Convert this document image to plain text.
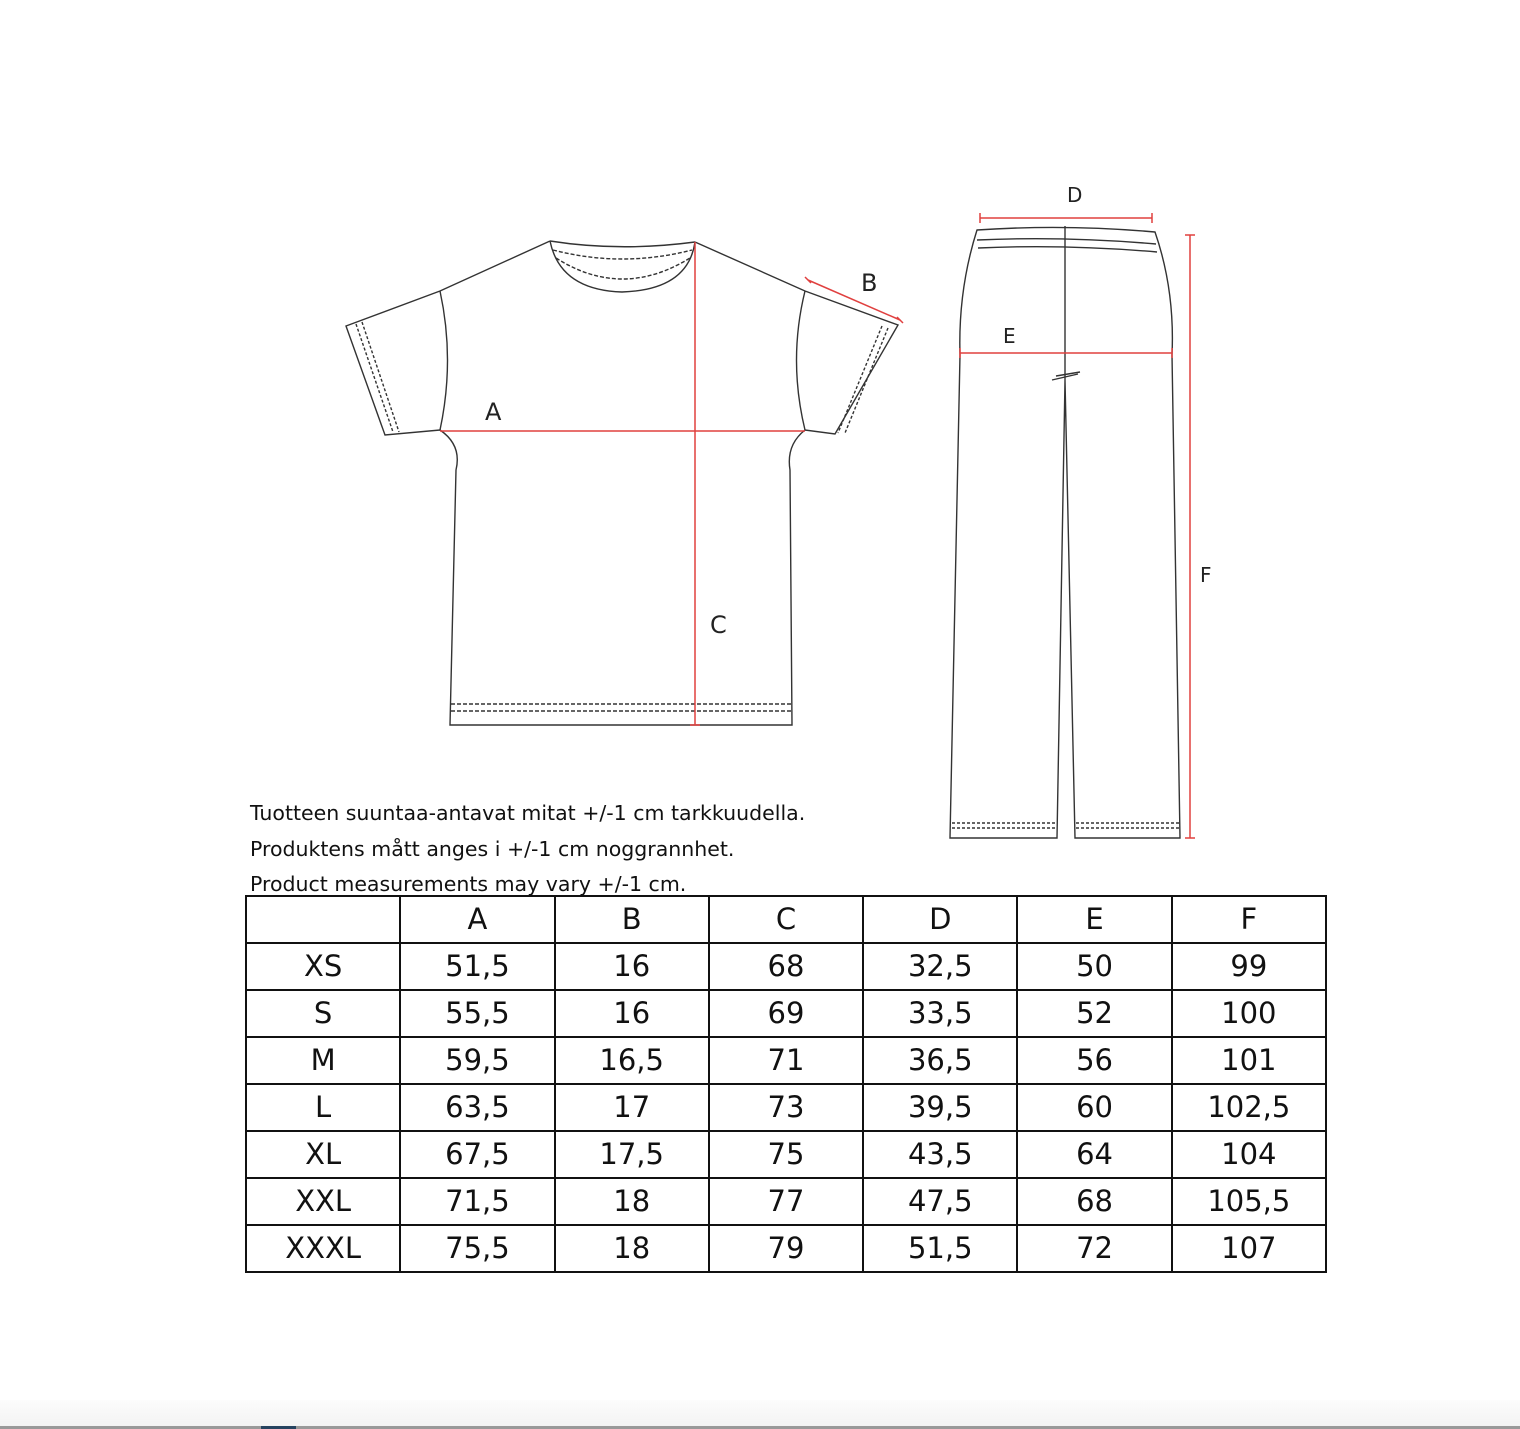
A
B
C
D
E
F
Tuotteen suuntaa-antavat mitat +/-1 cm tarkkuudella.
Produktens mått anges i +/-1 cm noggrannhet.
Product measurements may vary +/-1 cm.
	A	B	C	D	E	F
XS	51,5	16	68	32,5	50	99
S	55,5	16	69	33,5	52	100
M	59,5	16,5	71	36,5	56	101
L	63,5	17	73	39,5	60	102,5
XL	67,5	17,5	75	43,5	64	104
XXL	71,5	18	77	47,5	68	105,5
XXXL	75,5	18	79	51,5	72	107
